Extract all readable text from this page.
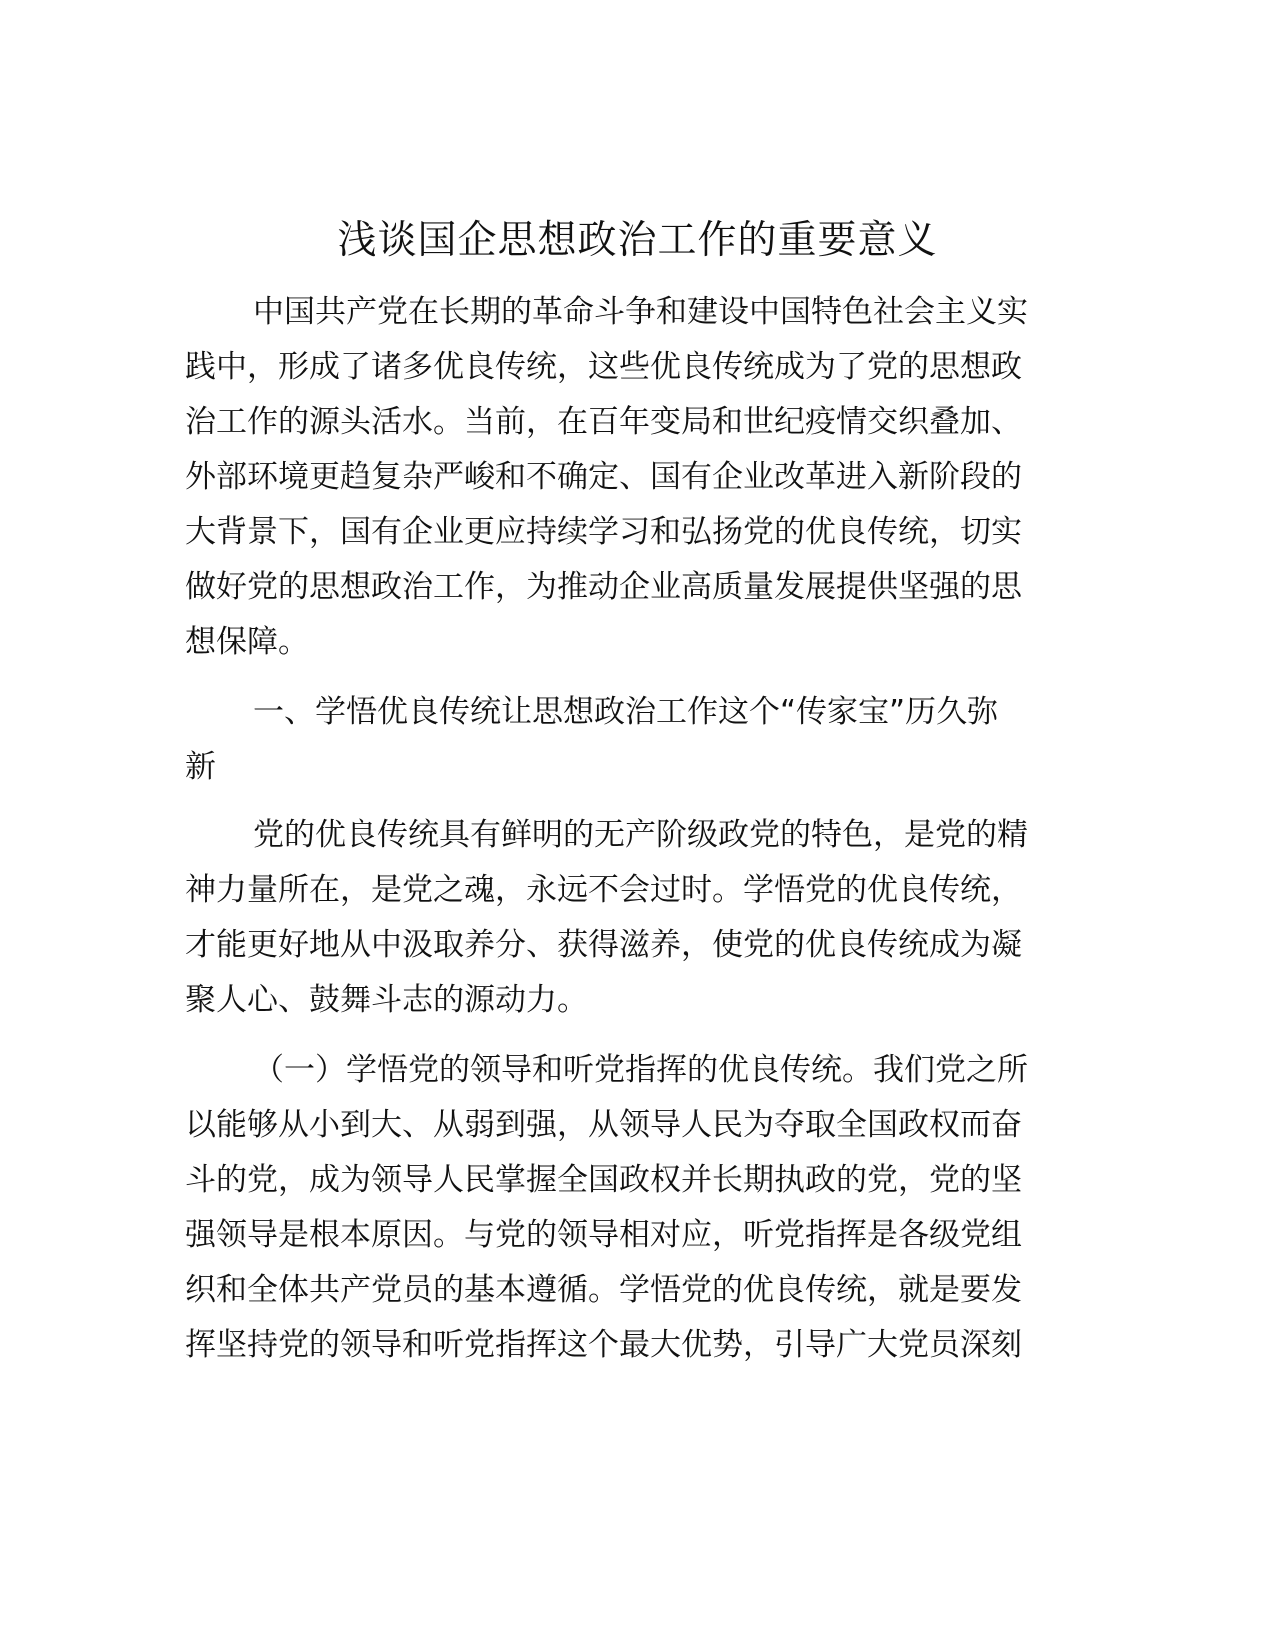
浅谈国企思想政治工作的重要意义

中国共产党在长期的革命斗争和建设中国特色社会主义实

践中，形成了诸多优良传统，这些优良传统成为了党的思想政

治工作的源头活水。当前，在百年变局和世纪疫情交织叠加、

外部环境更趋复杂严峻和不确定、国有企业改革进入新阶段的

大背景下，国有企业更应持续学习和弘扬党的优良传统，切实

做好党的思想政治工作，为推动企业高质量发展提供坚强的思

想保障。

一、学悟优良传统让思想政治工作这个“传家宝”历久弥

新

党的优良传统具有鲜明的无产阶级政党的特色，是党的精

神力量所在，是党之魂，永远不会过时。学悟党的优良传统，

才能更好地从中汲取养分、获得滋养，使党的优良传统成为凝

聚人心、鼓舞斗志的源动力。

（一）学悟党的领导和听党指挥的优良传统。我们党之所

以能够从小到大、从弱到强，从领导人民为夺取全国政权而奋

斗的党，成为领导人民掌握全国政权并长期执政的党，党的坚

强领导是根本原因。与党的领导相对应，听党指挥是各级党组

织和全体共产党员的基本遵循。学悟党的优良传统，就是要发

挥坚持党的领导和听党指挥这个最大优势，引导广大党员深刻
